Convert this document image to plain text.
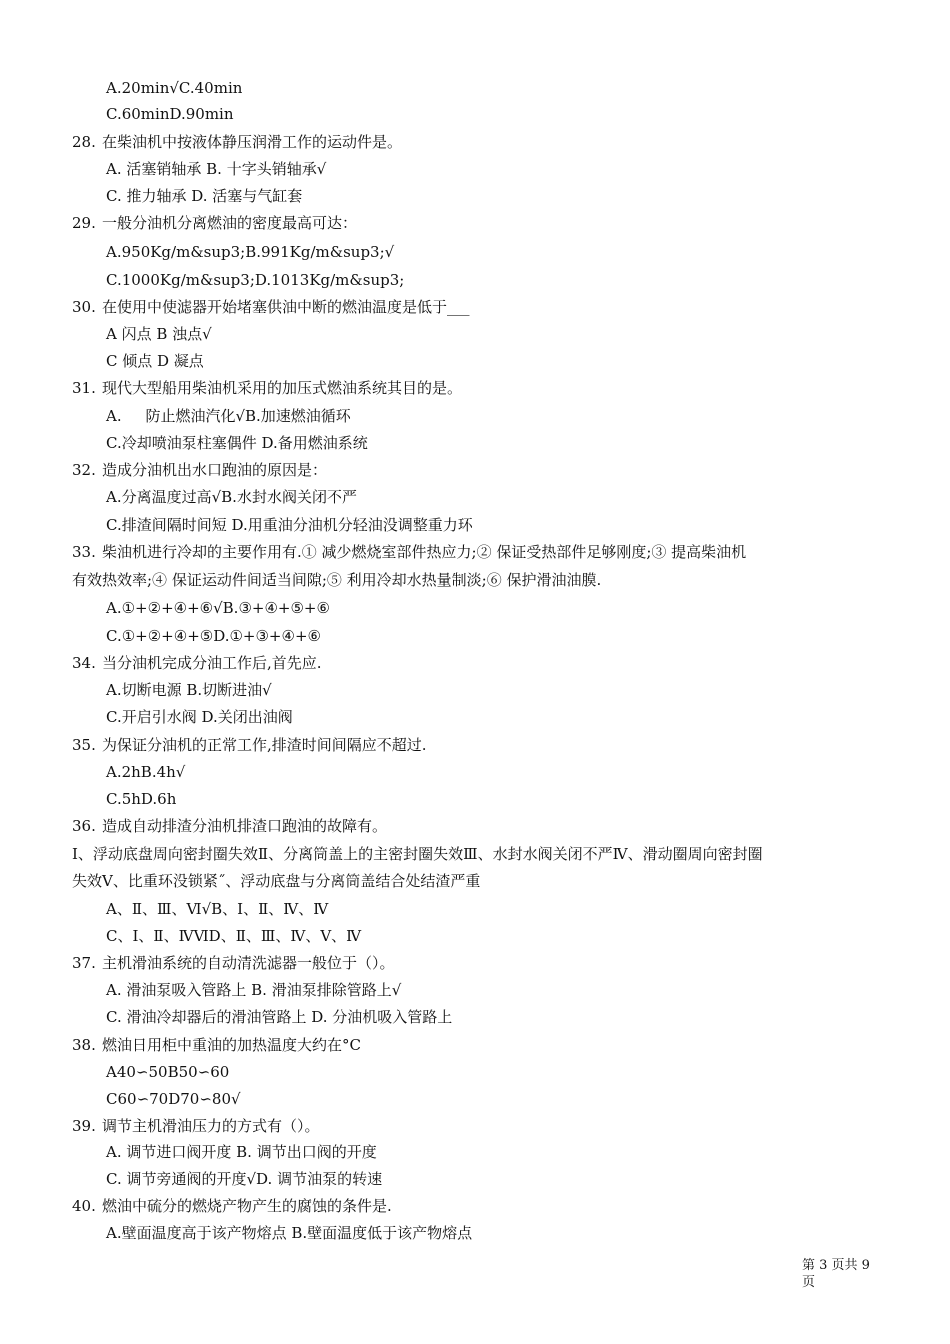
A.20min√C.40min
C.60minD.90min
28. 在柴油机中按液体静压润滑工作的运动件是。
A. 活塞销轴承 B. 十字头销轴承√
C. 推力轴承 D. 活塞与气缸套
29. 一般分油机分离燃油的密度最高可达：
A.950Kg/m&sup3;B.991Kg/m&sup3;√
C.1000Kg/m&sup3;D.1013Kg/m&sup3;
30. 在使用中使滤器开始堵塞供油中断的燃油温度是低于___
A 闪点 B 浊点√
C 倾点 D 凝点
31. 现代大型船用柴油机采用的加压式燃油系统其目的是。
A.     防止燃油汽化√B.加速燃油循环
C.冷却喷油泵柱塞偶件 D.备用燃油系统
32. 造成分油机出水口跑油的原因是：
A.分离温度过高√B.水封水阀关闭不严
C.排渣间隔时间短 D.用重油分油机分轻油没调整重力环
33. 柴油机进行冷却的主要作用有.① 减少燃烧室部件热应力;② 保证受热部件足够刚度;③ 提高柴油机
有效热效率;④ 保证运动件间适当间隙;⑤ 利用冷却水热量制淡;⑥ 保护滑油油膜.
A.①+②+④+⑥√B.③+④+⑤+⑥
C.①+②+④+⑤D.①+③+④+⑥
34. 当分油机完成分油工作后,首先应.
A.切断电源 B.切断进油√
C.开启引水阀 D.关闭出油阀
35. 为保证分油机的正常工作,排渣时间间隔应不超过.
A.2hB.4h√
C.5hD.6h
36. 造成自动排渣分油机排渣口跑油的故障有。
Ⅰ、浮动底盘周向密封圈失效Ⅱ、分离筒盖上的主密封圈失效Ⅲ、水封水阀关闭不严Ⅳ、滑动圈周向密封圈
失效Ⅴ、比重环没锁紧˝、浮动底盘与分离筒盖结合处结渣严重
A、Ⅱ、Ⅲ、Ⅵ√B、Ⅰ、Ⅱ、Ⅳ、Ⅳ
C、Ⅰ、Ⅱ、ⅣⅥD、Ⅱ、Ⅲ、Ⅳ、Ⅴ、Ⅳ
37. 主机滑油系统的自动清洗滤器一般位于（）。
A. 滑油泵吸入管路上 B. 滑油泵排除管路上√
C. 滑油冷却器后的滑油管路上 D. 分油机吸入管路上
38. 燃油日用柜中重油的加热温度大约在°C
A40∽50B50∽60
C60∽70D70∽80√
39. 调节主机滑油压力的方式有（）。
A. 调节进口阀开度 B. 调节出口阀的开度
C. 调节旁通阀的开度√D. 调节油泵的转速
40. 燃油中硫分的燃烧产物产生的腐蚀的条件是.
A.壁面温度高于该产物熔点 B.壁面温度低于该产物熔点
第 3 页共 9 页
